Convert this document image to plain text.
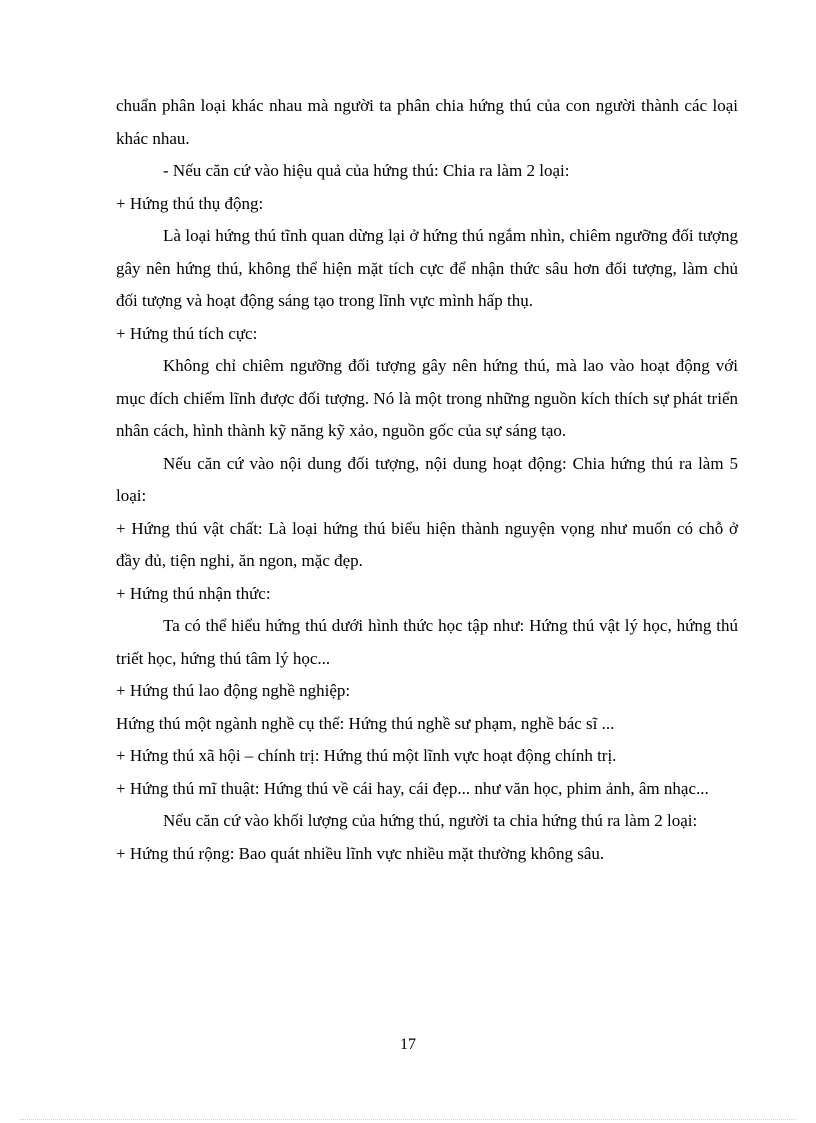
chuẩn phân loại khác nhau mà người ta phân chia hứng thú của con người thành các loại khác nhau.

- Nếu căn cứ vào hiệu quả của hứng thú: Chia ra làm 2 loại:

+ Hứng thú thụ động:

Là loại hứng thú tĩnh quan dừng lại ở hứng thú ngắm nhìn, chiêm ngưỡng đối tượng gây nên hứng thú, không thể hiện mặt tích cực để nhận thức sâu hơn đối tượng, làm chủ đối tượng và hoạt động sáng tạo trong lĩnh vực mình hấp thụ.

+ Hứng thú tích cực:

Không chỉ chiêm ngưỡng đối tượng gây nên hứng thú, mà lao vào hoạt động với mục đích chiếm lĩnh được đối tượng. Nó là một trong những nguồn kích thích sự phát triển nhân cách, hình thành kỹ năng kỹ xảo, nguồn gốc của sự sáng tạo.

Nếu căn cứ vào nội dung đối tượng, nội dung hoạt động: Chia hứng thú ra làm 5 loại:

+ Hứng thú vật chất: Là loại hứng thú biểu hiện thành nguyện vọng như muốn có chỗ ở đầy đủ, tiện nghi, ăn ngon, mặc đẹp.

+ Hứng thú nhận thức:

Ta có thể hiểu hứng thú dưới hình thức học tập như: Hứng thú vật lý học, hứng thú triết học, hứng thú tâm lý học...

+ Hứng thú lao động nghề nghiệp:

Hứng thú một ngành nghề cụ thể: Hứng thú nghề sư phạm, nghề bác sĩ ...

+ Hứng thú xã hội – chính trị: Hứng thú một lĩnh vực hoạt động chính trị.

+ Hứng thú mĩ thuật: Hứng thú về cái hay, cái đẹp... như văn học, phim ảnh, âm nhạc...

Nếu căn cứ vào khối lượng của hứng thú, người ta chia hứng thú ra làm 2 loại:

+ Hứng thú rộng: Bao quát nhiều lĩnh vực nhiều mặt thường không sâu.

17
